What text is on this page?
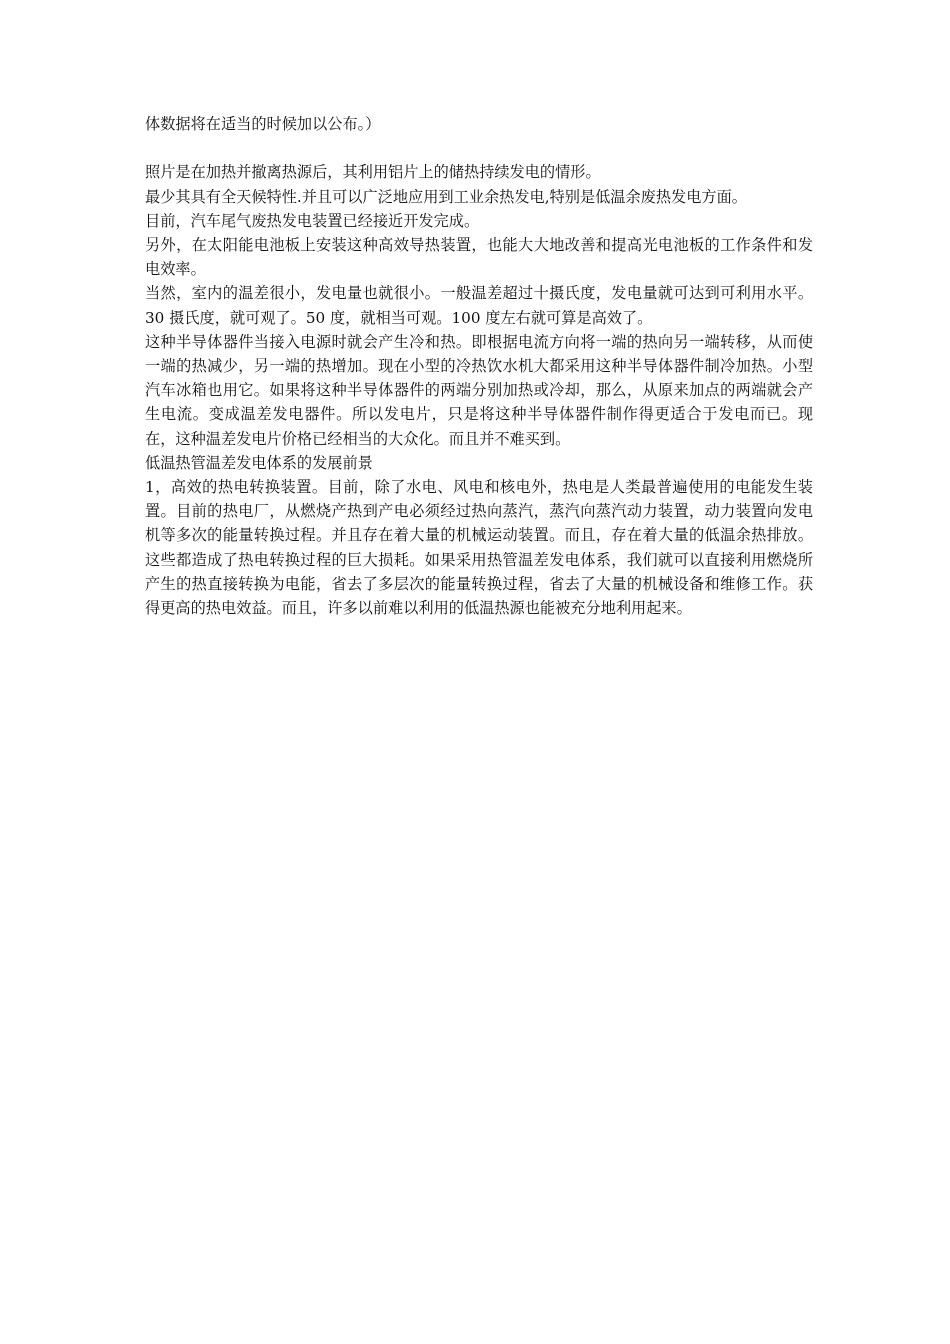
体数据将在适当的时候加以公布。）

照片是在加热并撤离热源后，其利用铝片上的储热持续发电的情形。

最少其具有全天候特性.并且可以广泛地应用到工业余热发电,特别是低温余废热发电方面。

目前，汽车尾气废热发电装置已经接近开发完成。

另外，在太阳能电池板上安装这种高效导热装置，也能大大地改善和提高光电池板的工作条件和发电效率。

当然，室内的温差很小，发电量也就很小。一般温差超过十摄氏度，发电量就可达到可利用水平。30 摄氏度，就可观了。50 度，就相当可观。100 度左右就可算是高效了。

这种半导体器件当接入电源时就会产生冷和热。即根据电流方向将一端的热向另一端转移，从而使一端的热减少，另一端的热增加。现在小型的冷热饮水机大都采用这种半导体器件制冷加热。小型汽车冰箱也用它。如果将这种半导体器件的两端分别加热或冷却，那么，从原来加点的两端就会产生电流。变成温差发电器件。所以发电片，只是将这种半导体器件制作得更适合于发电而已。现在，这种温差发电片价格已经相当的大众化。而且并不难买到。

低温热管温差发电体系的发展前景

1，高效的热电转换装置。目前，除了水电、风电和核电外，热电是人类最普遍使用的电能发生装置。目前的热电厂，从燃烧产热到产电必须经过热向蒸汽，蒸汽向蒸汽动力装置，动力装置向发电机等多次的能量转换过程。并且存在着大量的机械运动装置。而且，存在着大量的低温余热排放。这些都造成了热电转换过程的巨大损耗。如果采用热管温差发电体系，我们就可以直接利用燃烧所产生的热直接转换为电能，省去了多层次的能量转换过程，省去了大量的机械设备和维修工作。获得更高的热电效益。而且，许多以前难以利用的低温热源也能被充分地利用起来。
